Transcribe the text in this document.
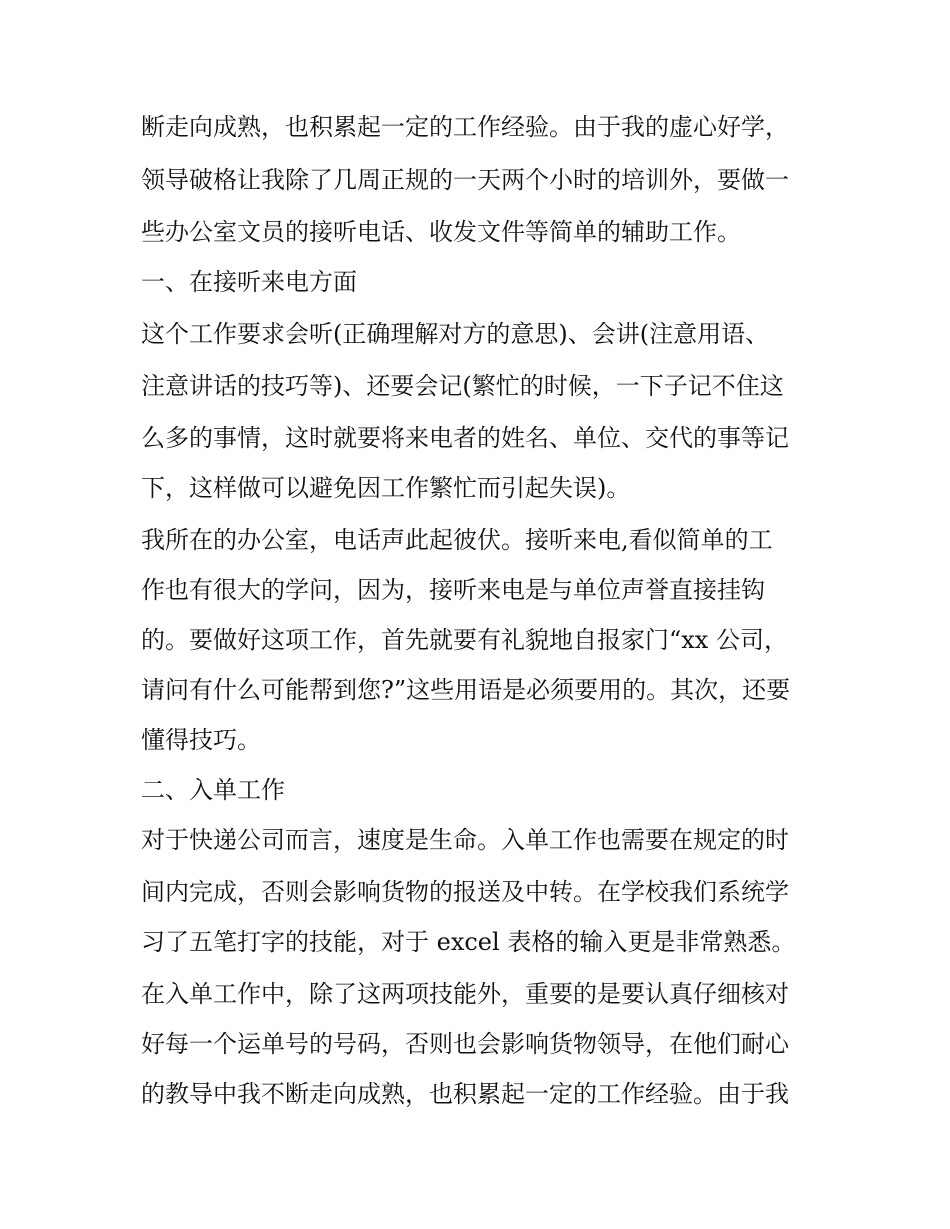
断走向成熟，也积累起一定的工作经验。由于我的虚心好学，
领导破格让我除了几周正规的一天两个小时的培训外，要做一
些办公室文员的接听电话、收发文件等简单的辅助工作。
一、在接听来电方面
这个工作要求会听(正确理解对方的意思)、会讲(注意用语、
注意讲话的技巧等)、还要会记(繁忙的时候，一下子记不住这
么多的事情，这时就要将来电者的姓名、单位、交代的事等记
下，这样做可以避免因工作繁忙而引起失误)。
我所在的办公室，电话声此起彼伏。接听来电,看似简单的工
作也有很大的学问，因为，接听来电是与单位声誉直接挂钩
的。要做好这项工作，首先就要有礼貌地自报家门“xx 公司，
请问有什么可能帮到您?”这些用语是必须要用的。其次，还要
懂得技巧。
二、入单工作
对于快递公司而言，速度是生命。入单工作也需要在规定的时
间内完成，否则会影响货物的报送及中转。在学校我们系统学
习了五笔打字的技能，对于 excel 表格的输入更是非常熟悉。
在入单工作中，除了这两项技能外，重要的是要认真仔细核对
好每一个运单号的号码，否则也会影响货物领导，在他们耐心
的教导中我不断走向成熟，也积累起一定的工作经验。由于我
